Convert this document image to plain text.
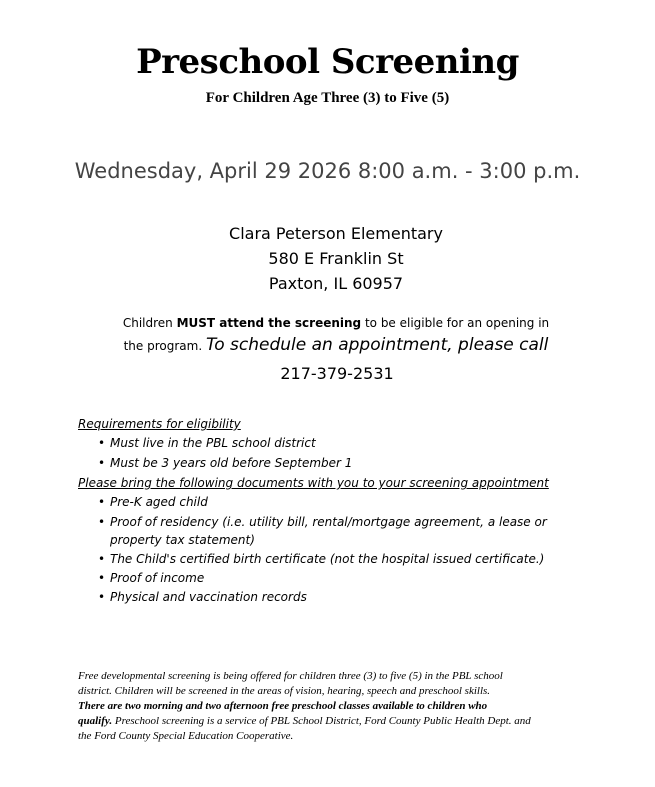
Preschool Screening
For Children Age Three (3) to Five (5)
Wednesday, April 29 2026 8:00 a.m. - 3:00 p.m.
Clara Peterson Elementary
580 E Franklin St
Paxton, IL 60957
Children MUST attend the screening to be eligible for an opening in
the program. To schedule an appointment, please call
217-379-2531
Requirements for eligibility
• Must live in the PBL school district
• Must be 3 years old before September 1
Please bring the following documents with you to your screening appointment
• Pre-K aged child
• Proof of residency (i.e. utility bill, rental/mortgage agreement, a lease or
property tax statement)
• The Child's certified birth certificate (not the hospital issued certificate.)
• Proof of income
• Physical and vaccination records
Free developmental screening is being offered for children three (3) to five (5) in the PBL school
district. Children will be screened in the areas of vision, hearing, speech and preschool skills.
There are two morning and two afternoon free preschool classes available to children who
qualify. Preschool screening is a service of PBL School District, Ford County Public Health Dept. and
the Ford County Special Education Cooperative.
